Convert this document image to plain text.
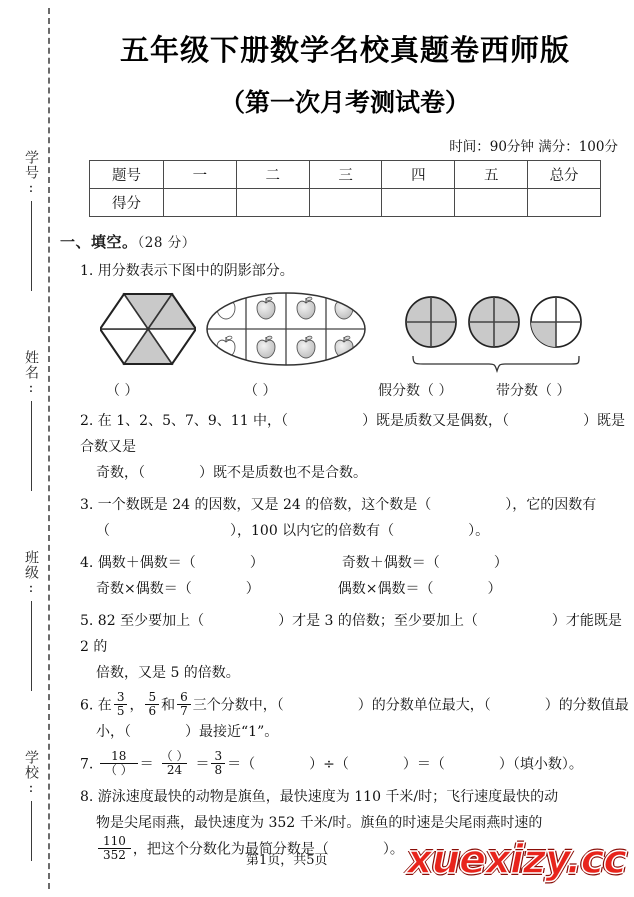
学号:
姓名:
班级:
学校:
五年级下册数学名校真题卷西师版
（第一次月考测试卷）
时间：90分钟 满分：100分
题号	一	二	三	四	五	总分
得分						
一、填空。（28 分）
1. 用分数表示下图中的阴影部分。
（ ）	（ ）	假分数（ ）	带分数（ ）
2. 在 1、2、5、7、9、11 中，（	）既是质数又是偶数，（	）既是合数又是
奇数，（	）既不是质数也不是合数。
3. 一个数既是 24 的因数，又是 24 的倍数，这个数是（	），它的因数有
（	），100 以内它的倍数有（	）。
4. 偶数＋偶数＝（	）	奇数＋偶数＝（	）
奇数×偶数＝（	）	偶数×偶数＝（	）
5. 82 至少要加上（	）才是 3 的倍数；至少要加上（	）才能既是 2 的
倍数，又是 5 的倍数。
6. 在 $\frac{3}{5}$ ， $\frac{5}{6}$ 和 $\frac{6}{7}$ 三个分数中，（	）的分数单位最大，（	）的分数值最
小，（	）最接近“1”。
7. $\frac{18}{( )} = \frac{( )}{24} = \frac{3}{8}$ ＝（	）÷（	）＝（	）（填小数）。
8. 游泳速度最快的动物是旗鱼，最快速度为 110 千米/时；飞行速度最快的动
物是尖尾雨燕，最快速度为 352 千米/时。旗鱼的时速是尖尾雨燕时速的
$\frac{110}{352}$ ，把这个分数化为最简分数是（	）。
第1页，共5页 xuexizy.cc
